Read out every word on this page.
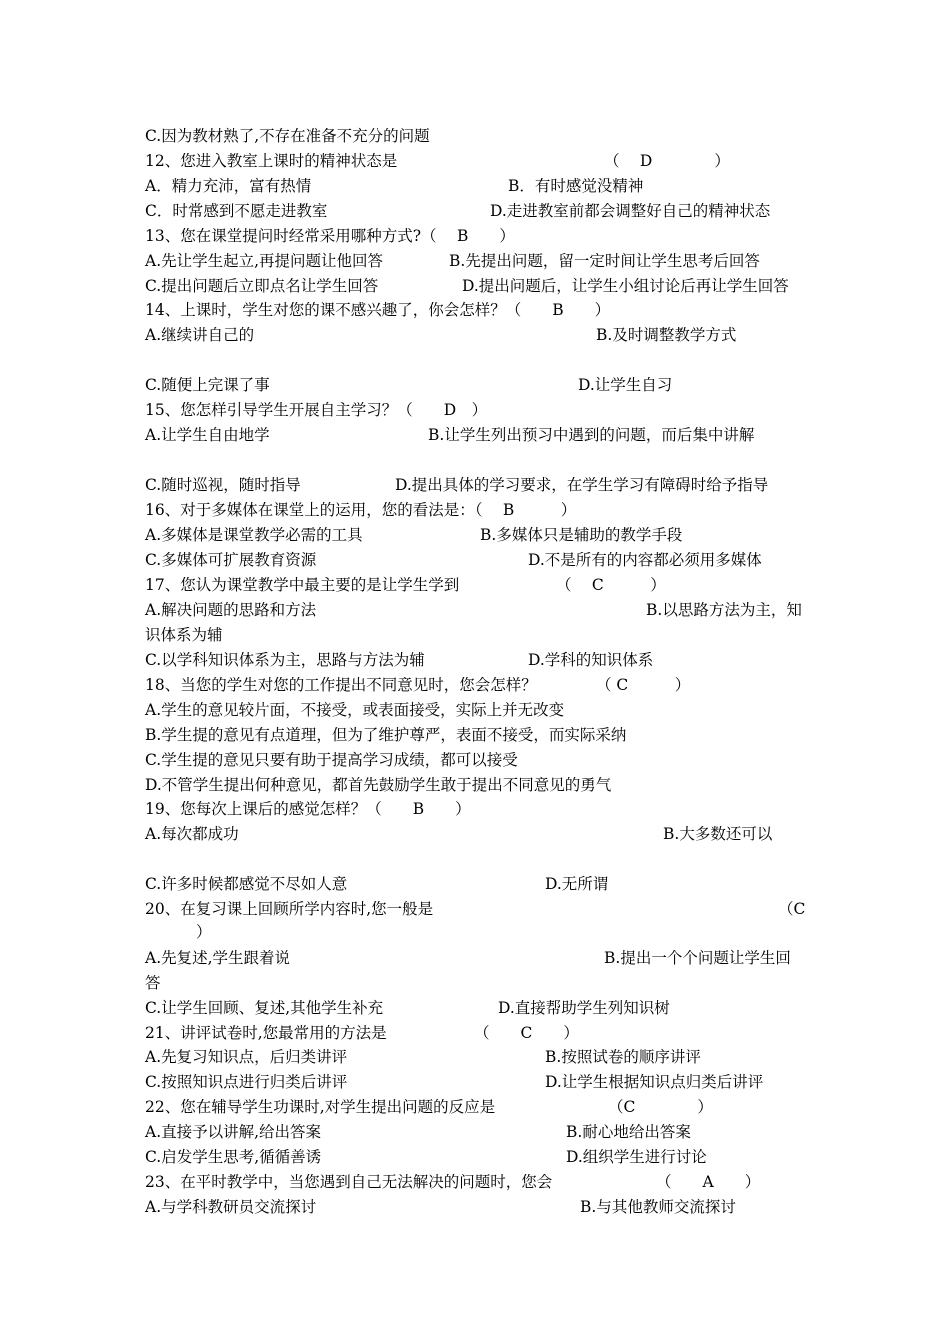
C.因为教材熟了,不存在准备不充分的问题
12、您进入教室上课时的精神状态是	（　 D　　　　）
A．精力充沛，富有热情	B．有时感觉没精神
C．时常感到不愿走进教室	D.走进教室前都会调整好自己的精神状态
13、您在课堂提问时经常采用哪种方式?（　 B　　）
A.先让学生起立,再提问题让他回答	B.先提出问题，留一定时间让学生思考后回答
C.提出问题后立即点名让学生回答	D.提出问题后，让学生小组讨论后再让学生回答
14、上课时，学生对您的课不感兴趣了，你会怎样？（　　B　　）
A.继续讲自己的	B.及时调整教学方式
C.随便上完课了事	D.让学生自习
15、您怎样引导学生开展自主学习？（　　D　）
A.让学生自由地学	B.让学生列出预习中遇到的问题，而后集中讲解
C.随时巡视，随时指导	D.提出具体的学习要求，在学生学习有障碍时给予指导
16、对于多媒体在课堂上的运用，您的看法是：（　 B　　　）
A.多媒体是课堂教学必需的工具	B.多媒体只是辅助的教学手段
C.多媒体可扩展教育资源	D.不是所有的内容都必须用多媒体
17、您认为课堂教学中最主要的是让学生学到	（　 C　　　）
A.解决问题的思路和方法	B.以思路方法为主，知
识体系为辅
C.以学科知识体系为主，思路与方法为辅	D.学科的知识体系
18、当您的学生对您的工作提出不同意见时，您会怎样？	（ C　　　）
A.学生的意见较片面，不接受，或表面接受，实际上并无改变
B.学生提的意见有点道理，但为了维护尊严，表面不接受，而实际采纳
C.学生提的意见只要有助于提高学习成绩，都可以接受
D.不管学生提出何种意见，都首先鼓励学生敢于提出不同意见的勇气
19、您每次上课后的感觉怎样？（　　B　　）
A.每次都成功	B.大多数还可以
C.许多时候都感觉不尽如人意	D.无所谓
20、在复习课上回顾所学内容时,您一般是	（C
）
A.先复述,学生跟着说	B.提出一个个问题让学生回
答
C.让学生回顾、复述,其他学生补充	D.直接帮助学生列知识树
21、讲评试卷时,您最常用的方法是	（　　C　　）
A.先复习知识点，后归类讲评	B.按照试卷的顺序讲评
C.按照知识点进行归类后讲评	D.让学生根据知识点归类后讲评
22、您在辅导学生功课时,对学生提出问题的反应是	（C　　　　）
A.直接予以讲解,给出答案	B.耐心地给出答案
C.启发学生思考,循循善诱	D.组织学生进行讨论
23、在平时教学中，当您遇到自己无法解决的问题时，您会	（　　A　　）
A.与学科教研员交流探讨	B.与其他教师交流探讨
